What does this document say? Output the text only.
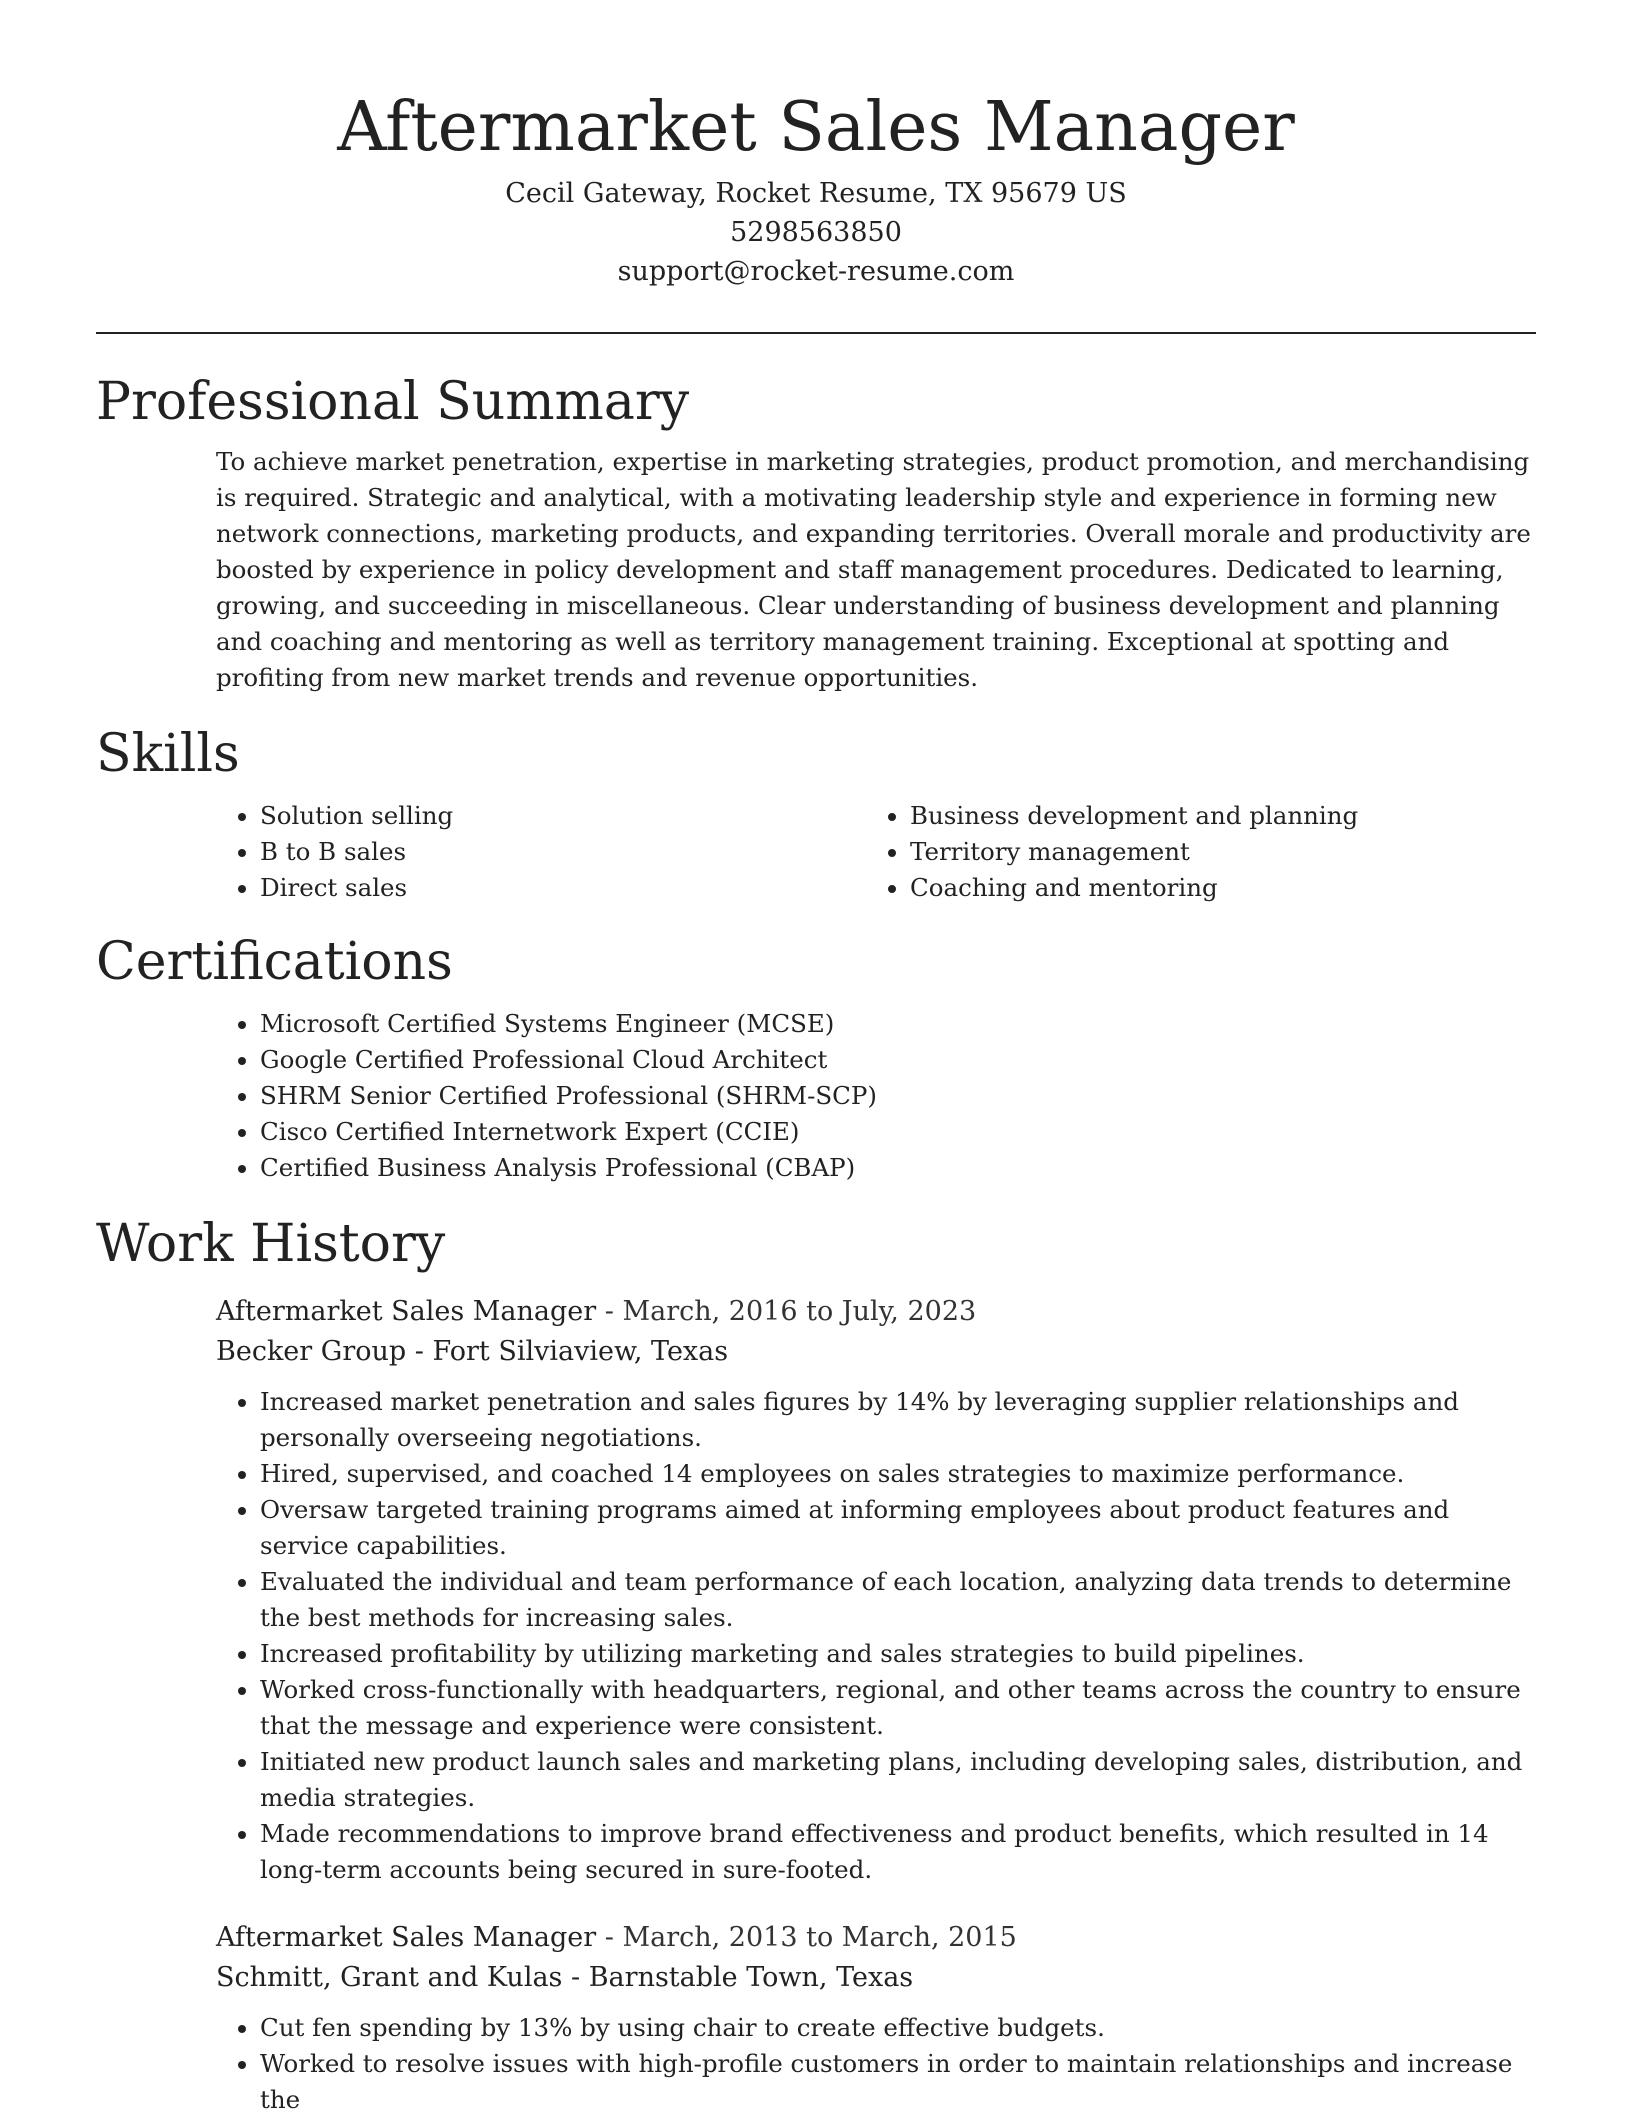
Aftermarket Sales Manager
Cecil Gateway, Rocket Resume, TX 95679 US
5298563850
support@rocket-resume.com
Professional Summary

To achieve market penetration, expertise in marketing strategies, product promotion, and merchandising is required. Strategic and analytical, with a motivating leadership style and experience in forming new network connections, marketing products, and expanding territories. Overall morale and productivity are boosted by experience in policy development and staff management procedures. Dedicated to learning, growing, and succeeding in miscellaneous. Clear understanding of business development and planning and coaching and mentoring as well as territory management training. Exceptional at spotting and profiting from new market trends and revenue opportunities.

Skills
• Solution selling
• B to B sales
• Direct sales
• Business development and planning
• Territory management
• Coaching and mentoring
Certifications
• Microsoft Certified Systems Engineer (MCSE)
• Google Certified Professional Cloud Architect
• SHRM Senior Certified Professional (SHRM-SCP)
• Cisco Certified Internetwork Expert (CCIE)
• Certified Business Analysis Professional (CBAP)
Work History
Aftermarket Sales Manager - March, 2016 to July, 2023
Becker Group - Fort Silviaview, Texas
• Increased market penetration and sales figures by 14% by leveraging supplier relationships and personally overseeing negotiations.
• Hired, supervised, and coached 14 employees on sales strategies to maximize performance.
• Oversaw targeted training programs aimed at informing employees about product features and service capabilities.
• Evaluated the individual and team performance of each location, analyzing data trends to determine the best methods for increasing sales.
• Increased profitability by utilizing marketing and sales strategies to build pipelines.
• Worked cross-functionally with headquarters, regional, and other teams across the country to ensure that the message and experience were consistent.
• Initiated new product launch sales and marketing plans, including developing sales, distribution, and media strategies.
• Made recommendations to improve brand effectiveness and product benefits, which resulted in 14 long-term accounts being secured in sure-footed.
Aftermarket Sales Manager - March, 2013 to March, 2015
Schmitt, Grant and Kulas - Barnstable Town, Texas
• Cut fen spending by 13% by using chair to create effective budgets.
• Worked to resolve issues with high-profile customers in order to maintain relationships and increase the
